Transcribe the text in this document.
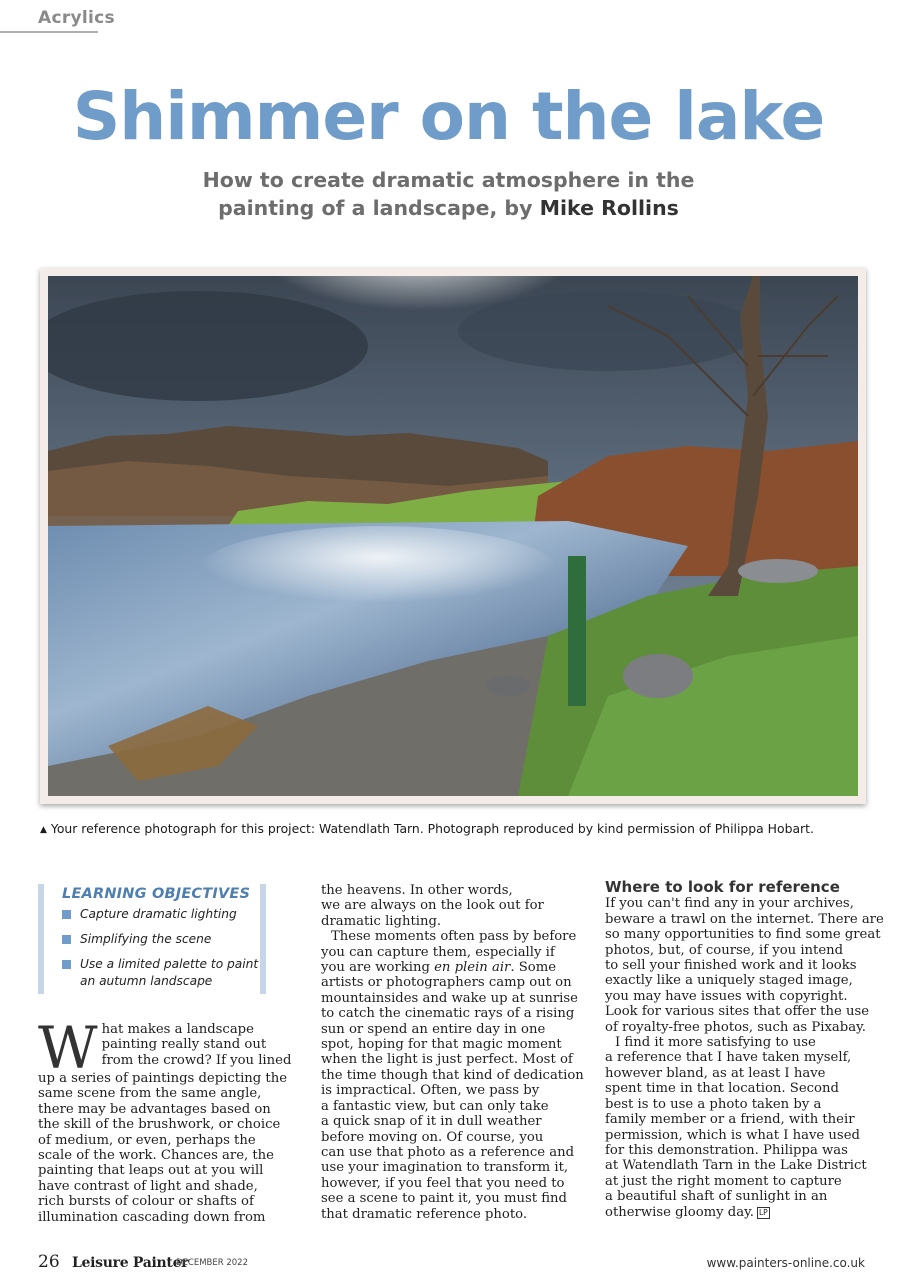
Acrylics
Shimmer on the lake
How to create dramatic atmosphere in the
painting of a landscape, by Mike Rollins
▲ Your reference photograph for this project: Watendlath Tarn. Photograph reproduced by kind permission of Philippa Hobart.
LEARNING OBJECTIVES
Capture dramatic lighting
Simplifying the scene
Use a limited palette to paint an autumn landscape
W hat makes a landscape
painting really stand out
from the crowd? If you lined
up a series of paintings depicting the
same scene from the same angle,
there may be advantages based on
the skill of the brushwork, or choice
of medium, or even, perhaps the
scale of the work. Chances are, the
painting that leaps out at you will
have contrast of light and shade,
rich bursts of colour or shafts of
illumination cascading down from
the heavens. In other words,
we are always on the look out for
dramatic lighting.
These moments often pass by before
you can capture them, especially if
you are working en plein air. Some
artists or photographers camp out on
mountainsides and wake up at sunrise
to catch the cinematic rays of a rising
sun or spend an entire day in one
spot, hoping for that magic moment
when the light is just perfect. Most of
the time though that kind of dedication
is impractical. Often, we pass by
a fantastic view, but can only take
a quick snap of it in dull weather
before moving on. Of course, you
can use that photo as a reference and
use your imagination to transform it,
however, if you feel that you need to
see a scene to paint it, you must find
that dramatic reference photo.
Where to look for reference
If you can't find any in your archives,
beware a trawl on the internet. There are
so many opportunities to find some great
photos, but, of course, if you intend
to sell your finished work and it looks
exactly like a uniquely staged image,
you may have issues with copyright.
Look for various sites that offer the use
of royalty-free photos, such as Pixabay.
I find it more satisfying to use
a reference that I have taken myself,
however bland, as at least I have
spent time in that location. Second
best is to use a photo taken by a
family member or a friend, with their
permission, which is what I have used
for this demonstration. Philippa was
at Watendlath Tarn in the Lake District
at just the right moment to capture
a beautiful shaft of sunlight in an
otherwise gloomy day. LP
26 Leisure Painter
DECEMBER 2022	www.painters-online.co.uk
